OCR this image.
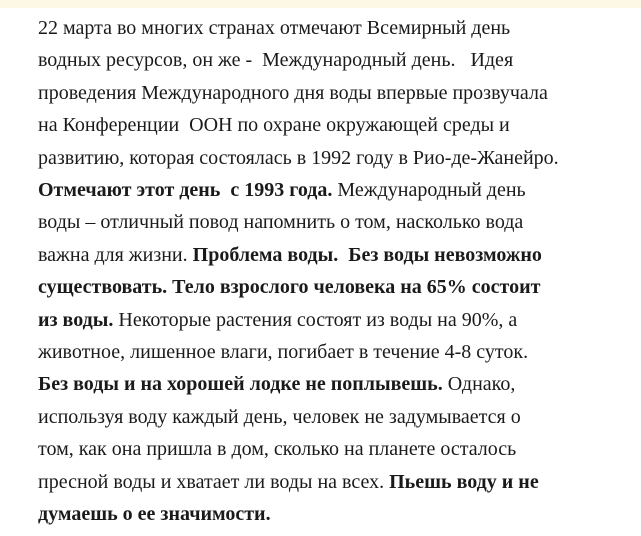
22 марта во многих странах отмечают Всемирный день
водных ресурсов, он же -  Международный день.   Идея
проведения Международного дня воды впервые прозвучала
на Конференции  ООН по охране окружающей среды и
развитию, которая состоялась в 1992 году в Рио-де-Жанейро.
Отмечают этот день  с 1993 года. Международный день
воды – отличный повод напомнить о том, насколько вода
важна для жизни. Проблема воды.  Без воды невозможно
существовать. Тело взрослого человека на 65% состоит
из воды. Некоторые растения состоят из воды на 90%, а
животное, лишенное влаги, погибает в течение 4-8 суток.
Без воды и на хорошей лодке не поплывешь. Однако,
используя воду каждый день, человек не задумывается о
том, как она пришла в дом, сколько на планете осталось
пресной воды и хватает ли воды на всех. Пьешь воду и не
думаешь о ее значимости.
